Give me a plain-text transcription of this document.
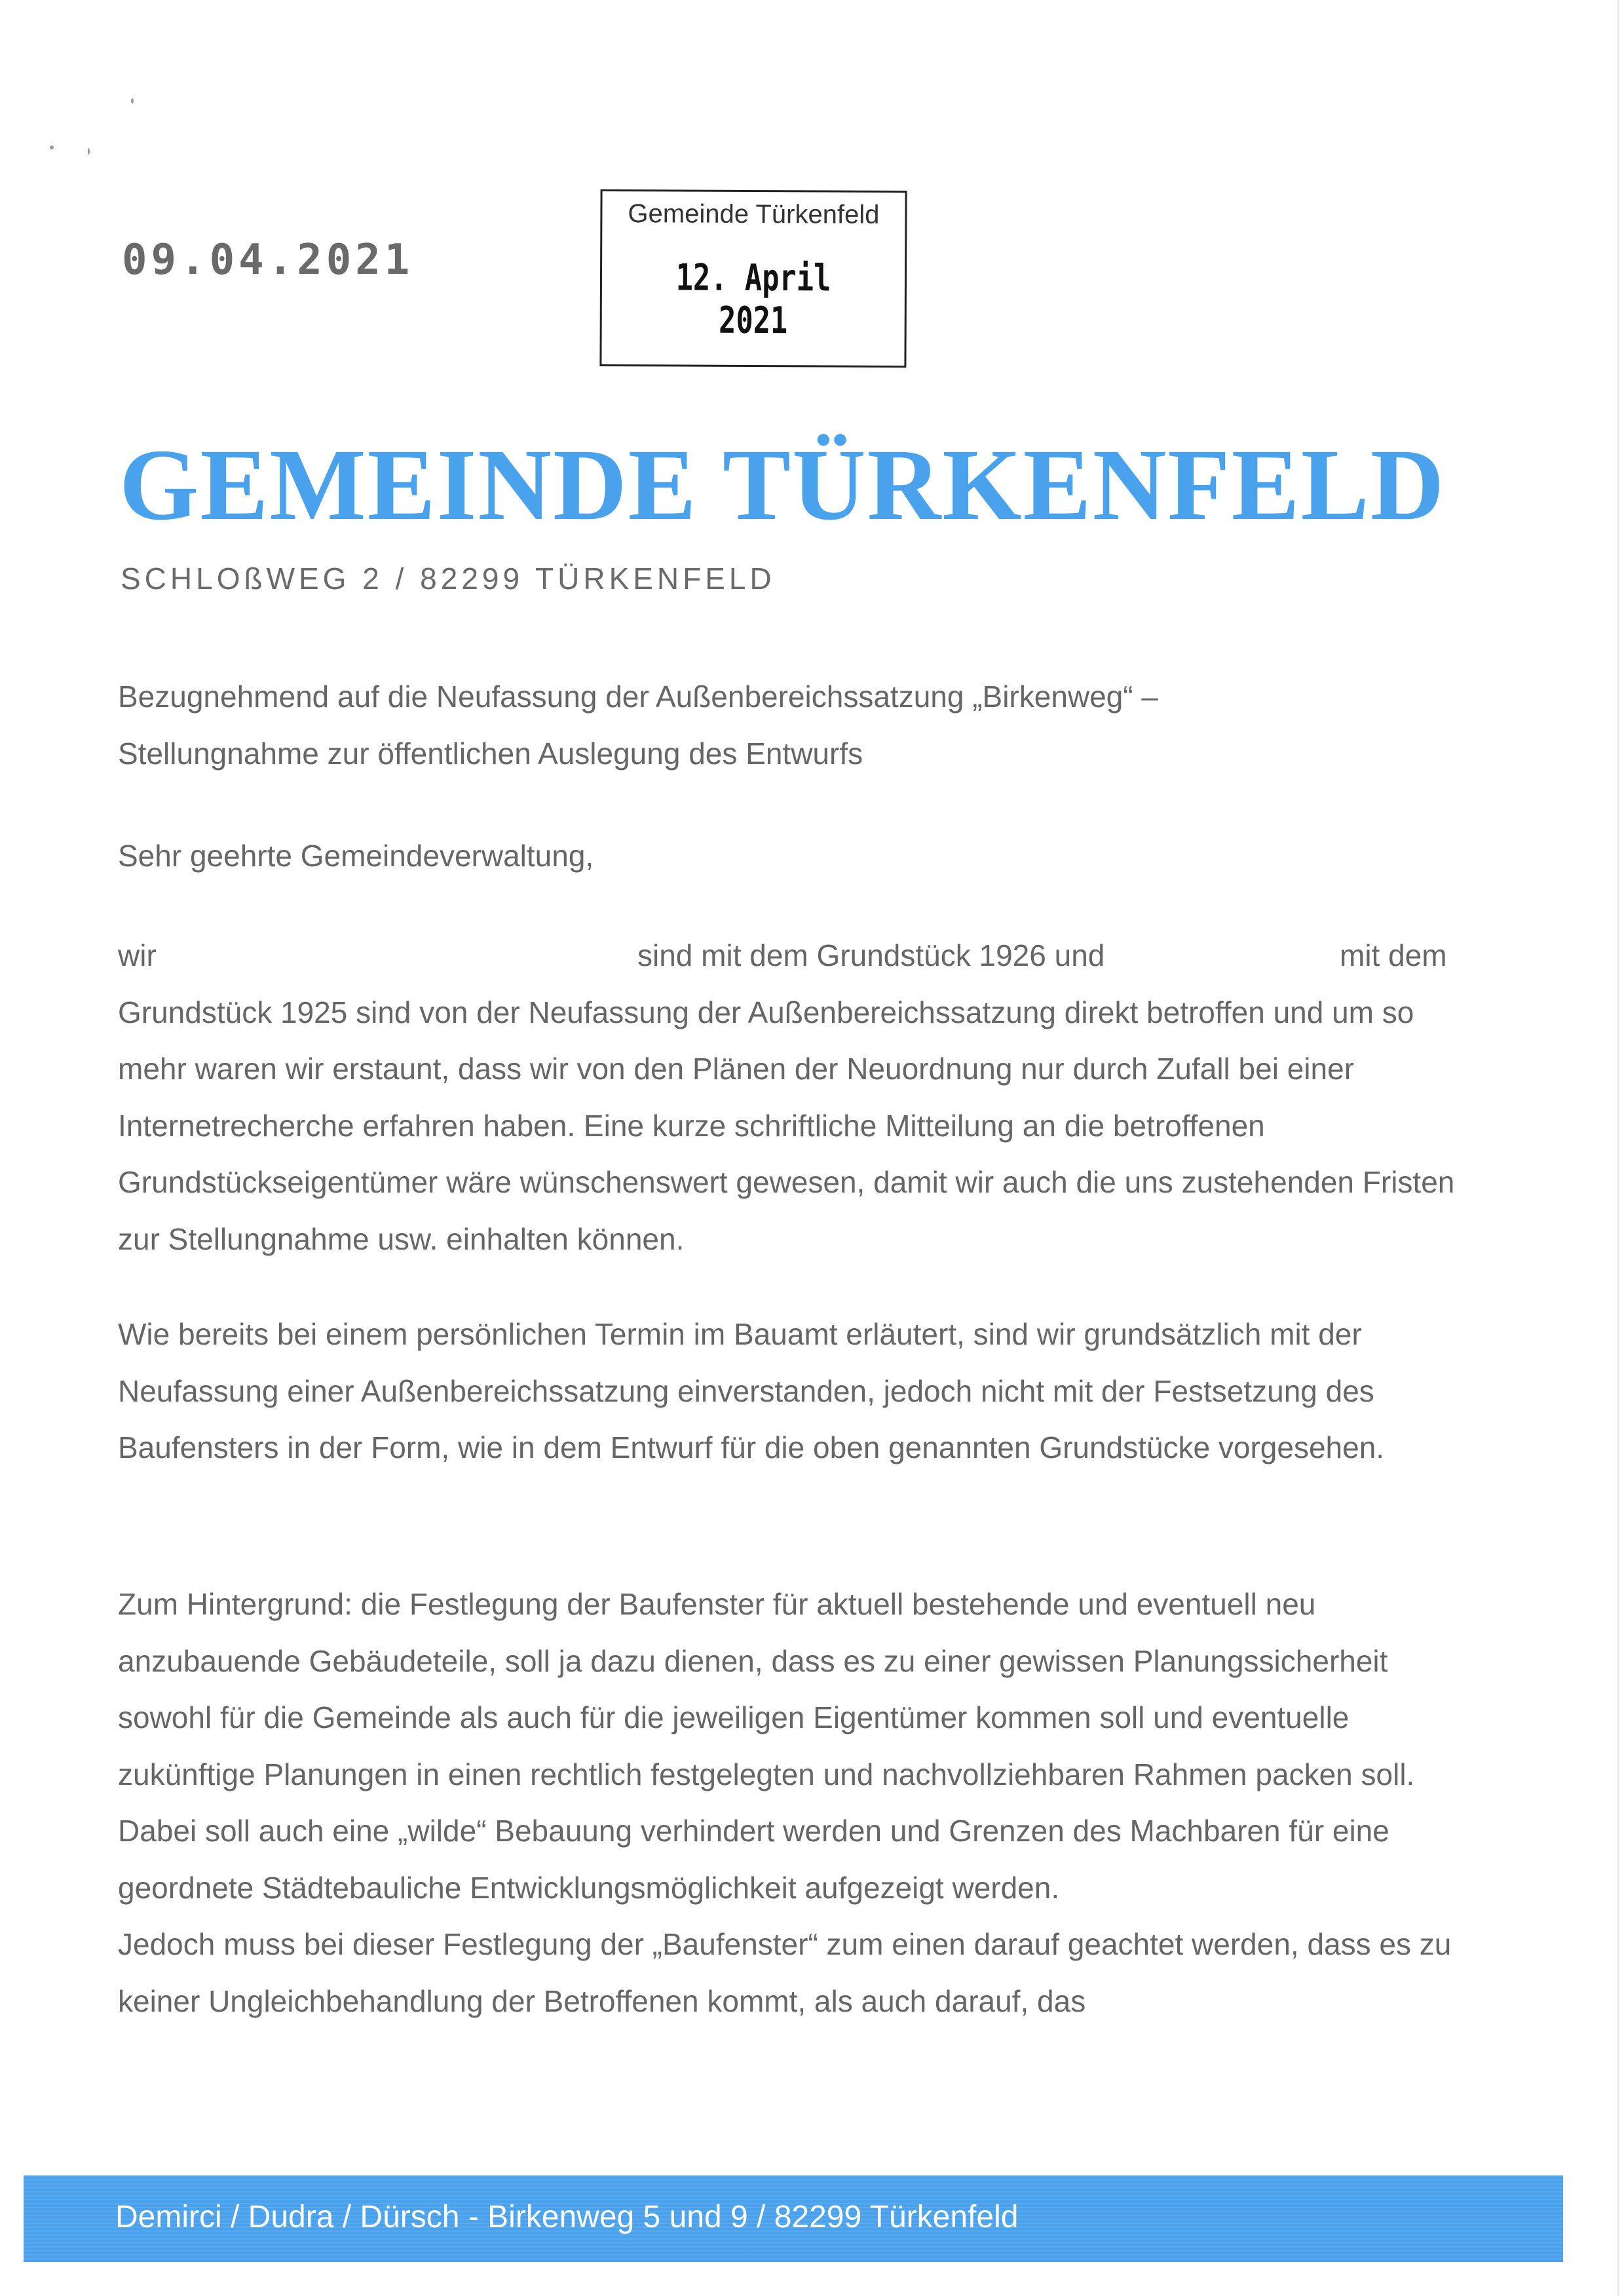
09.04.2021
Gemeinde Türkenfeld
12. April 2021
GEMEINDE TÜRKENFELD
SCHLOßWEG 2 / 82299 TÜRKENFELD

Bezugnehmend auf die Neufassung der Außenbereichssatzung „Birkenweg“ –

Stellungnahme zur öffentlichen Auslegung des Entwurfs

Sehr geehrte Gemeindeverwaltung,

wir	sind mit dem Grundstück 1926 und	mit dem

Grundstück 1925 sind von der Neufassung der Außenbereichssatzung direkt betroffen und um so mehr waren wir erstaunt, dass wir von den Plänen der Neuordnung nur durch Zufall bei einer Internetrecherche erfahren haben. Eine kurze schriftliche Mitteilung an die betroffenen Grundstückseigentümer wäre wünschenswert gewesen, damit wir auch die uns zustehenden Fristen zur Stellungnahme usw. einhalten können.

Wie bereits bei einem persönlichen Termin im Bauamt erläutert, sind wir grundsätzlich mit der Neufassung einer Außenbereichssatzung einverstanden, jedoch nicht mit der Festsetzung des Baufensters in der Form, wie in dem Entwurf für die oben genannten Grundstücke vorgesehen.

Zum Hintergrund: die Festlegung der Baufenster für aktuell bestehende und eventuell neu anzubauende Gebäudeteile, soll ja dazu dienen, dass es zu einer gewissen Planungssicherheit sowohl für die Gemeinde als auch für die jeweiligen Eigentümer kommen soll und eventuelle zukünftige Planungen in einen rechtlich festgelegten und nachvollziehbaren Rahmen packen soll. Dabei soll auch eine „wilde“ Bebauung verhindert werden und Grenzen des Machbaren für eine geordnete Städtebauliche Entwicklungsmöglichkeit aufgezeigt werden.

Jedoch muss bei dieser Festlegung der „Baufenster“ zum einen darauf geachtet werden, dass es zu keiner Ungleichbehandlung der Betroffenen kommt, als auch darauf, das

Demirci / Dudra / Dürsch - Birkenweg 5 und 9 / 82299 Türkenfeld
